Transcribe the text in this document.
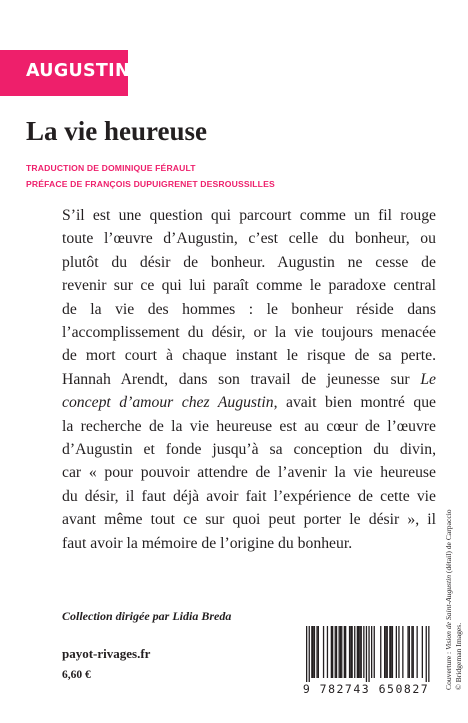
AUGUSTIN
La vie heureuse
TRADUCTION DE DOMINIQUE FÉRAULT
PRÉFACE DE FRANÇOIS DUPUIGRENET DESROUSSILLES
S’il est une question qui parcourt comme un fil rouge
toute l’œuvre d’Augustin, c’est celle du bonheur, ou
plutôt du désir de bonheur. Augustin ne cesse de
revenir sur ce qui lui paraît comme le paradoxe central
de la vie des hommes : le bonheur réside dans
l’accomplissement du désir, or la vie toujours menacée
de mort court à chaque instant le risque de sa perte.
Hannah Arendt, dans son travail de jeunesse sur Le
concept d’amour chez Augustin, avait bien montré que
la recherche de la vie heureuse est au cœur de l’œuvre
d’Augustin et fonde jusqu’à sa conception du divin,
car « pour pouvoir attendre de l’avenir la vie heureuse
du désir, il faut déjà avoir fait l’expérience de cette vie
avant même tout ce sur quoi peut porter le désir », il
faut avoir la mémoire de l’origine du bonheur.
Collection dirigée par Lidia Breda
payot-rivages.fr
6,60 €
9 782743 650827	Couverture : Vision de Saint-Augustin (détail) de Carpaccio
© Bridgeman Images.
